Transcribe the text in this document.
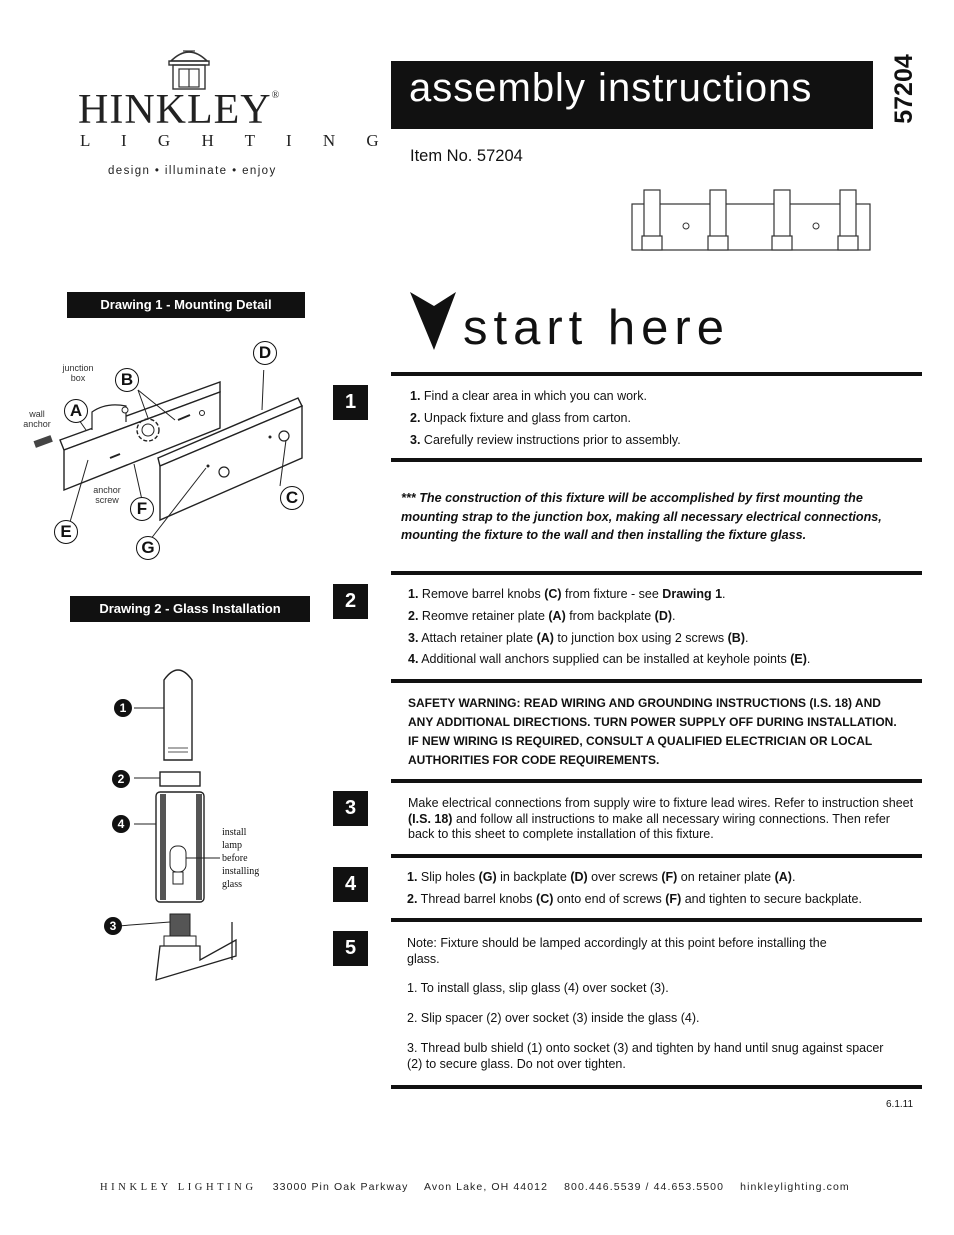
HINKLEY®
L I G H T I N G
design • illuminate • enjoy
assembly instructions	57204
Item No. 57204
Drawing 1 - Mounting Detail
junction
box
wall
anchor
anchor
screw
A
B
C
D
E
F
G
Drawing 2 - Glass Installation
1
2
4
3
install
lamp
before
installing
glass
start here
1
2
3
4
5
1. Find a clear area in which you can work.
2. Unpack fixture and glass from carton.
3. Carefully review instructions prior to assembly.
*** The construction of this fixture will be accomplished by first mounting the mounting strap to the junction box, making all necessary electrical connections, mounting the fixture to the wall and then installing the fixture glass.
1. Remove barrel knobs (C) from fixture - see Drawing 1.
2. Reomve retainer plate (A) from backplate (D).
3. Attach retainer plate (A) to junction box using 2 screws (B).
4. Additional wall anchors supplied can be installed at keyhole points (E).
SAFETY WARNING: READ WIRING AND GROUNDING INSTRUCTIONS (I.S. 18) AND ANY ADDITIONAL DIRECTIONS. TURN POWER SUPPLY OFF DURING INSTALLATION. IF NEW WIRING IS REQUIRED, CONSULT A QUALIFIED ELECTRICIAN OR LOCAL AUTHORITIES FOR CODE REQUIREMENTS.
Make electrical connections from supply wire to fixture lead wires. Refer to instruction sheet (I.S. 18) and follow all instructions to make all necessary wiring connections. Then refer back to this sheet to complete installation of this fixture.
1. Slip holes (G) in backplate (D) over screws (F) on retainer plate (A).
2. Thread barrel knobs (C) onto end of screws (F) and tighten to secure backplate.
Note: Fixture should be lamped accordingly at this point before installing the glass.
1. To install glass, slip glass (4) over socket (3).
2. Slip spacer (2) over socket (3) inside the glass (4).
3. Thread bulb shield (1) onto socket (3) and tighten by hand until snug against spacer (2) to secure glass. Do not over tighten.
6.1.11
HINKLEY LIGHTING 33000 Pin Oak Parkway Avon Lake, OH 44012 800.446.5539 / 44.653.5500 hinkleylighting.com
